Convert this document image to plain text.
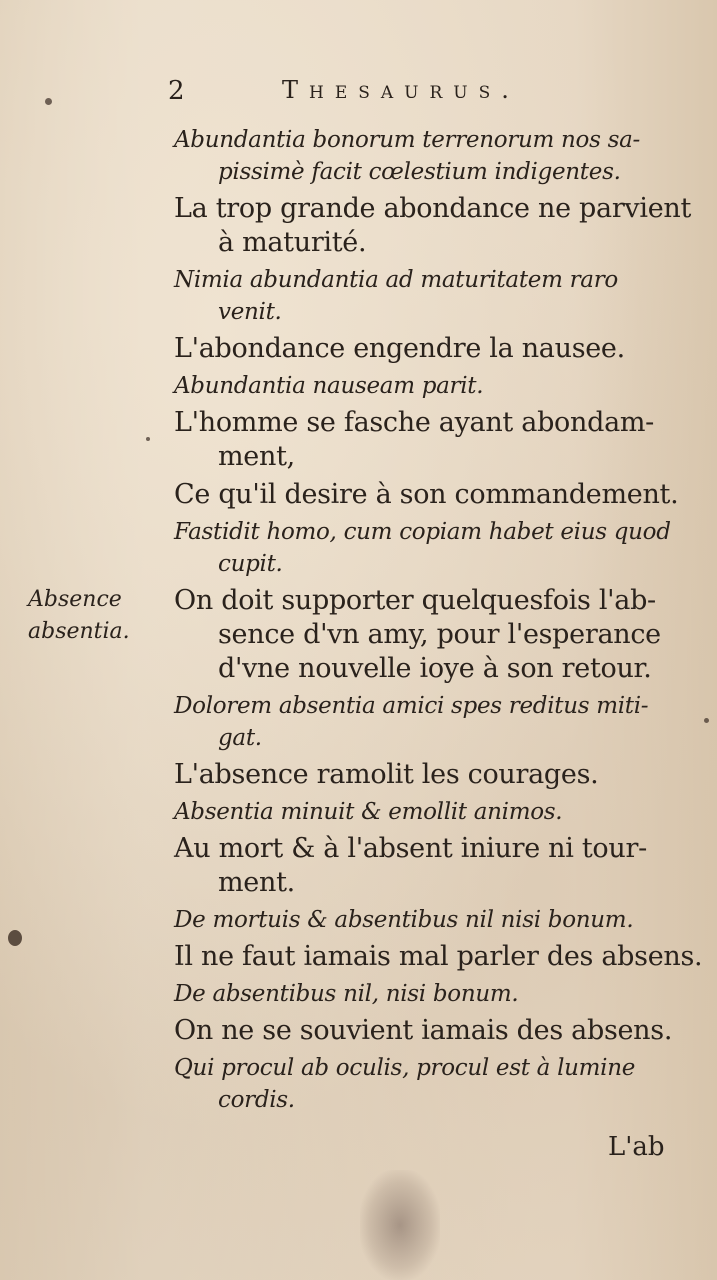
2	Thesaurus.
Absence
absentia.
Abundantia bonorum terrenorum nos sa-
pissimè facit cœlestium indigentes.
La trop grande abondance ne parvient
à maturité.
Nimia abundantia ad maturitatem raro
venit.
L'abondance engendre la nausee.
Abundantia nauseam parit.
L'homme se fasche ayant abondam-
ment,
Ce qu'il desire à son commandement.
Fastidit homo, cum copiam habet eius quod
cupit.
On doit supporter quelquesfois l'ab-
sence d'vn amy, pour l'esperance
d'vne nouvelle ioye à son retour.
Dolorem absentia amici spes reditus miti-
gat.
L'absence ramolit les courages.
Absentia minuit & emollit animos.
Au mort & à l'absent iniure ni tour-
ment.
De mortuis & absentibus nil nisi bonum.
Il ne faut iamais mal parler des absens.
De absentibus nil, nisi bonum.
On ne se souvient iamais des absens.
Qui procul ab oculis, procul est à lumine
cordis.
L'ab
